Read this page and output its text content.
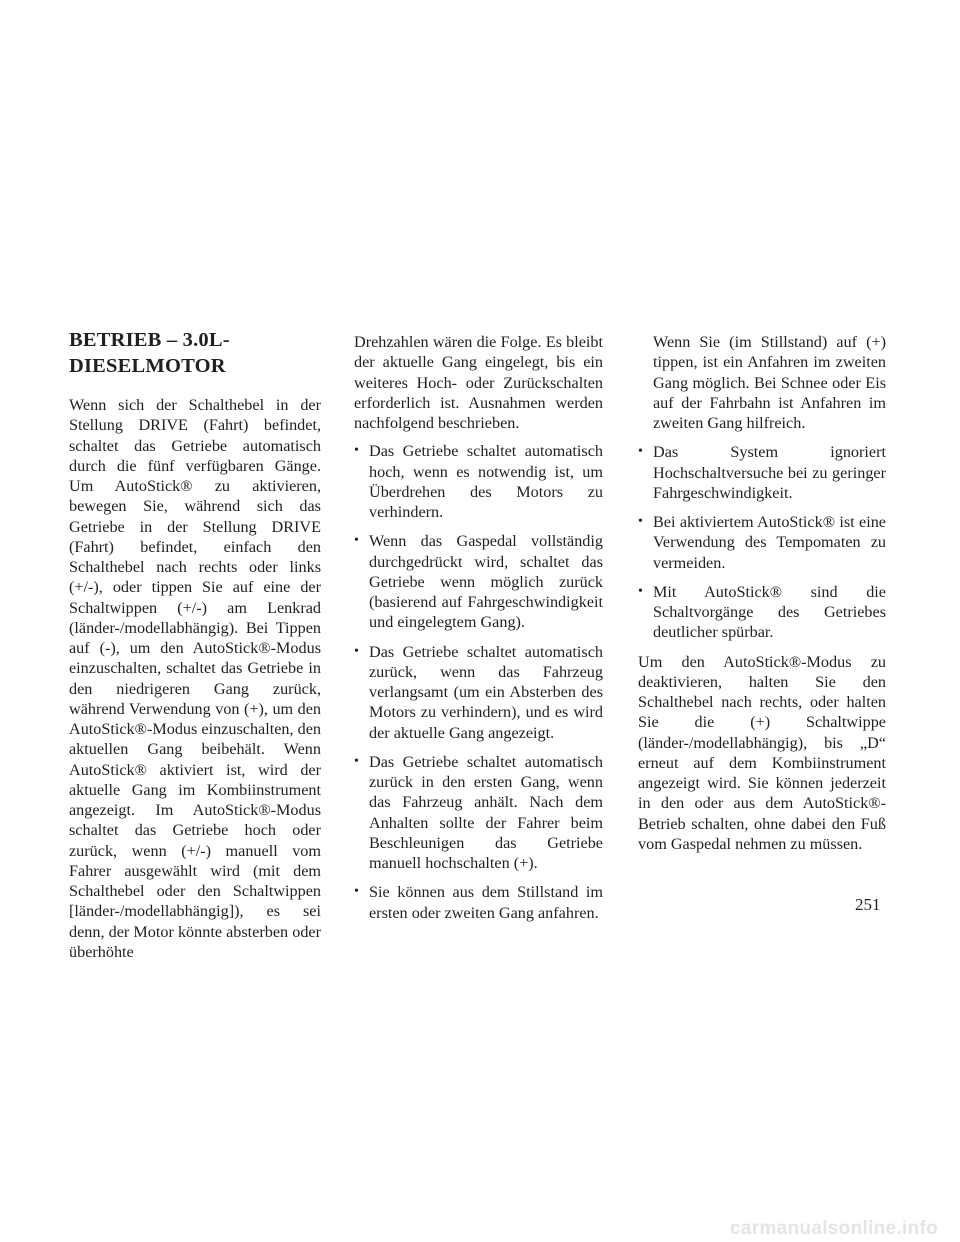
BETRIEB – 3.0L-
DIESELMOTOR

Wenn sich der Schalthebel in der Stellung DRIVE (Fahrt) befindet, schaltet das Getriebe automatisch durch die fünf verfügbaren Gänge. Um AutoStick® zu aktivieren, bewegen Sie, während sich das Getriebe in der Stellung DRIVE (Fahrt) befindet, einfach den Schalthebel nach rechts oder links (+/-), oder tippen Sie auf eine der Schaltwippen (+/-) am Lenkrad (länder-/modellabhängig). Bei Tippen auf (-), um den AutoStick®-Modus einzuschalten, schaltet das Getriebe in den niedrigeren Gang zurück, während Verwendung von (+), um den AutoStick®-Modus einzuschalten, den aktuellen Gang beibehält. Wenn AutoStick® aktiviert ist, wird der aktuelle Gang im Kombiinstrument angezeigt. Im AutoStick®-Modus schaltet das Getriebe hoch oder zurück, wenn (+/-) manuell vom Fahrer ausgewählt wird (mit dem Schalthebel oder den Schaltwippen [länder-/modellabhängig]), es sei denn, der Motor könnte absterben oder überhöhte

Drehzahlen wären die Folge. Es bleibt der aktuelle Gang eingelegt, bis ein weiteres Hoch- oder Zurückschalten erforderlich ist. Ausnahmen werden nachfolgend beschrieben.

• Das Getriebe schaltet automatisch hoch, wenn es notwendig ist, um Überdrehen des Motors zu verhindern.
• Wenn das Gaspedal vollständig durchgedrückt wird, schaltet das Getriebe wenn möglich zurück (basierend auf Fahrgeschwindigkeit und eingelegtem Gang).
• Das Getriebe schaltet automatisch zurück, wenn das Fahrzeug verlangsamt (um ein Absterben des Motors zu verhindern), und es wird der aktuelle Gang angezeigt.
• Das Getriebe schaltet automatisch zurück in den ersten Gang, wenn das Fahrzeug anhält. Nach dem Anhalten sollte der Fahrer beim Beschleunigen das Getriebe manuell hochschalten (+).
• Sie können aus dem Stillstand im ersten oder zweiten Gang anfahren.

Wenn Sie (im Stillstand) auf (+) tippen, ist ein Anfahren im zweiten Gang möglich. Bei Schnee oder Eis auf der Fahrbahn ist Anfahren im zweiten Gang hilfreich.

• Das System ignoriert Hochschaltversuche bei zu geringer Fahrgeschwindigkeit.
• Bei aktiviertem AutoStick® ist eine Verwendung des Tempomaten zu vermeiden.
• Mit AutoStick® sind die Schaltvorgänge des Getriebes deutlicher spürbar.

Um den AutoStick®-Modus zu deaktivieren, halten Sie den Schalthebel nach rechts, oder halten Sie die (+) Schaltwippe (länder-/modellabhängig), bis „D“ erneut auf dem Kombiinstrument angezeigt wird. Sie können jederzeit in den oder aus dem AutoStick®-Betrieb schalten, ohne dabei den Fuß vom Gaspedal nehmen zu müssen.

251
carmanualsonline.info
